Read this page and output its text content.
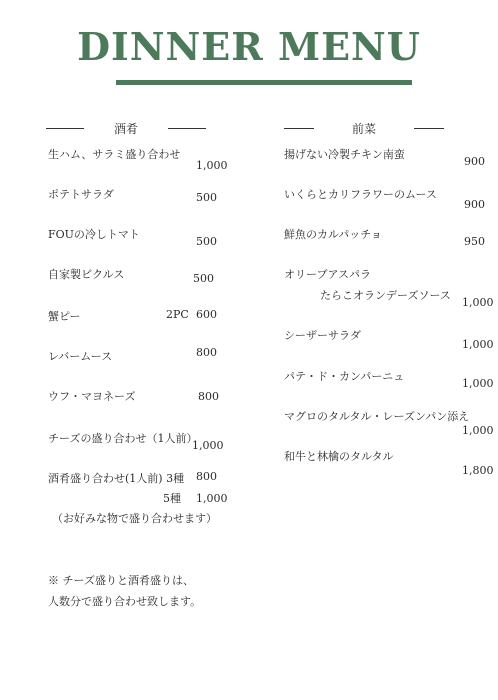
DINNER MENU
酒肴	前菜
生ハム、サラミ盛り合わせ
1,000
ポテトサラダ	500
FOUの冷しトマト
500
自家製ピクルス	500
蟹ピー	2PC 600
レバームース	800
ウフ・マヨネーズ	800
チーズの盛り合わせ（1人前）
1,000
酒肴盛り合わせ(1人前) 3種 800
5種 1,000
（お好みな物で盛り合わせます）
揚げない冷製チキン南蛮
900
いくらとカリフラワーのムース
900
鮮魚のカルパッチョ
950
オリーブアスパラ
たらこオランデーズソース
1,000
シーザーサラダ
1,000
パテ・ド・カンパーニュ
1,000
マグロのタルタル・レーズンパン添え
1,000
和牛と林檎のタルタル
1,800
※ チーズ盛りと酒肴盛りは、
人数分で盛り合わせ致します。
